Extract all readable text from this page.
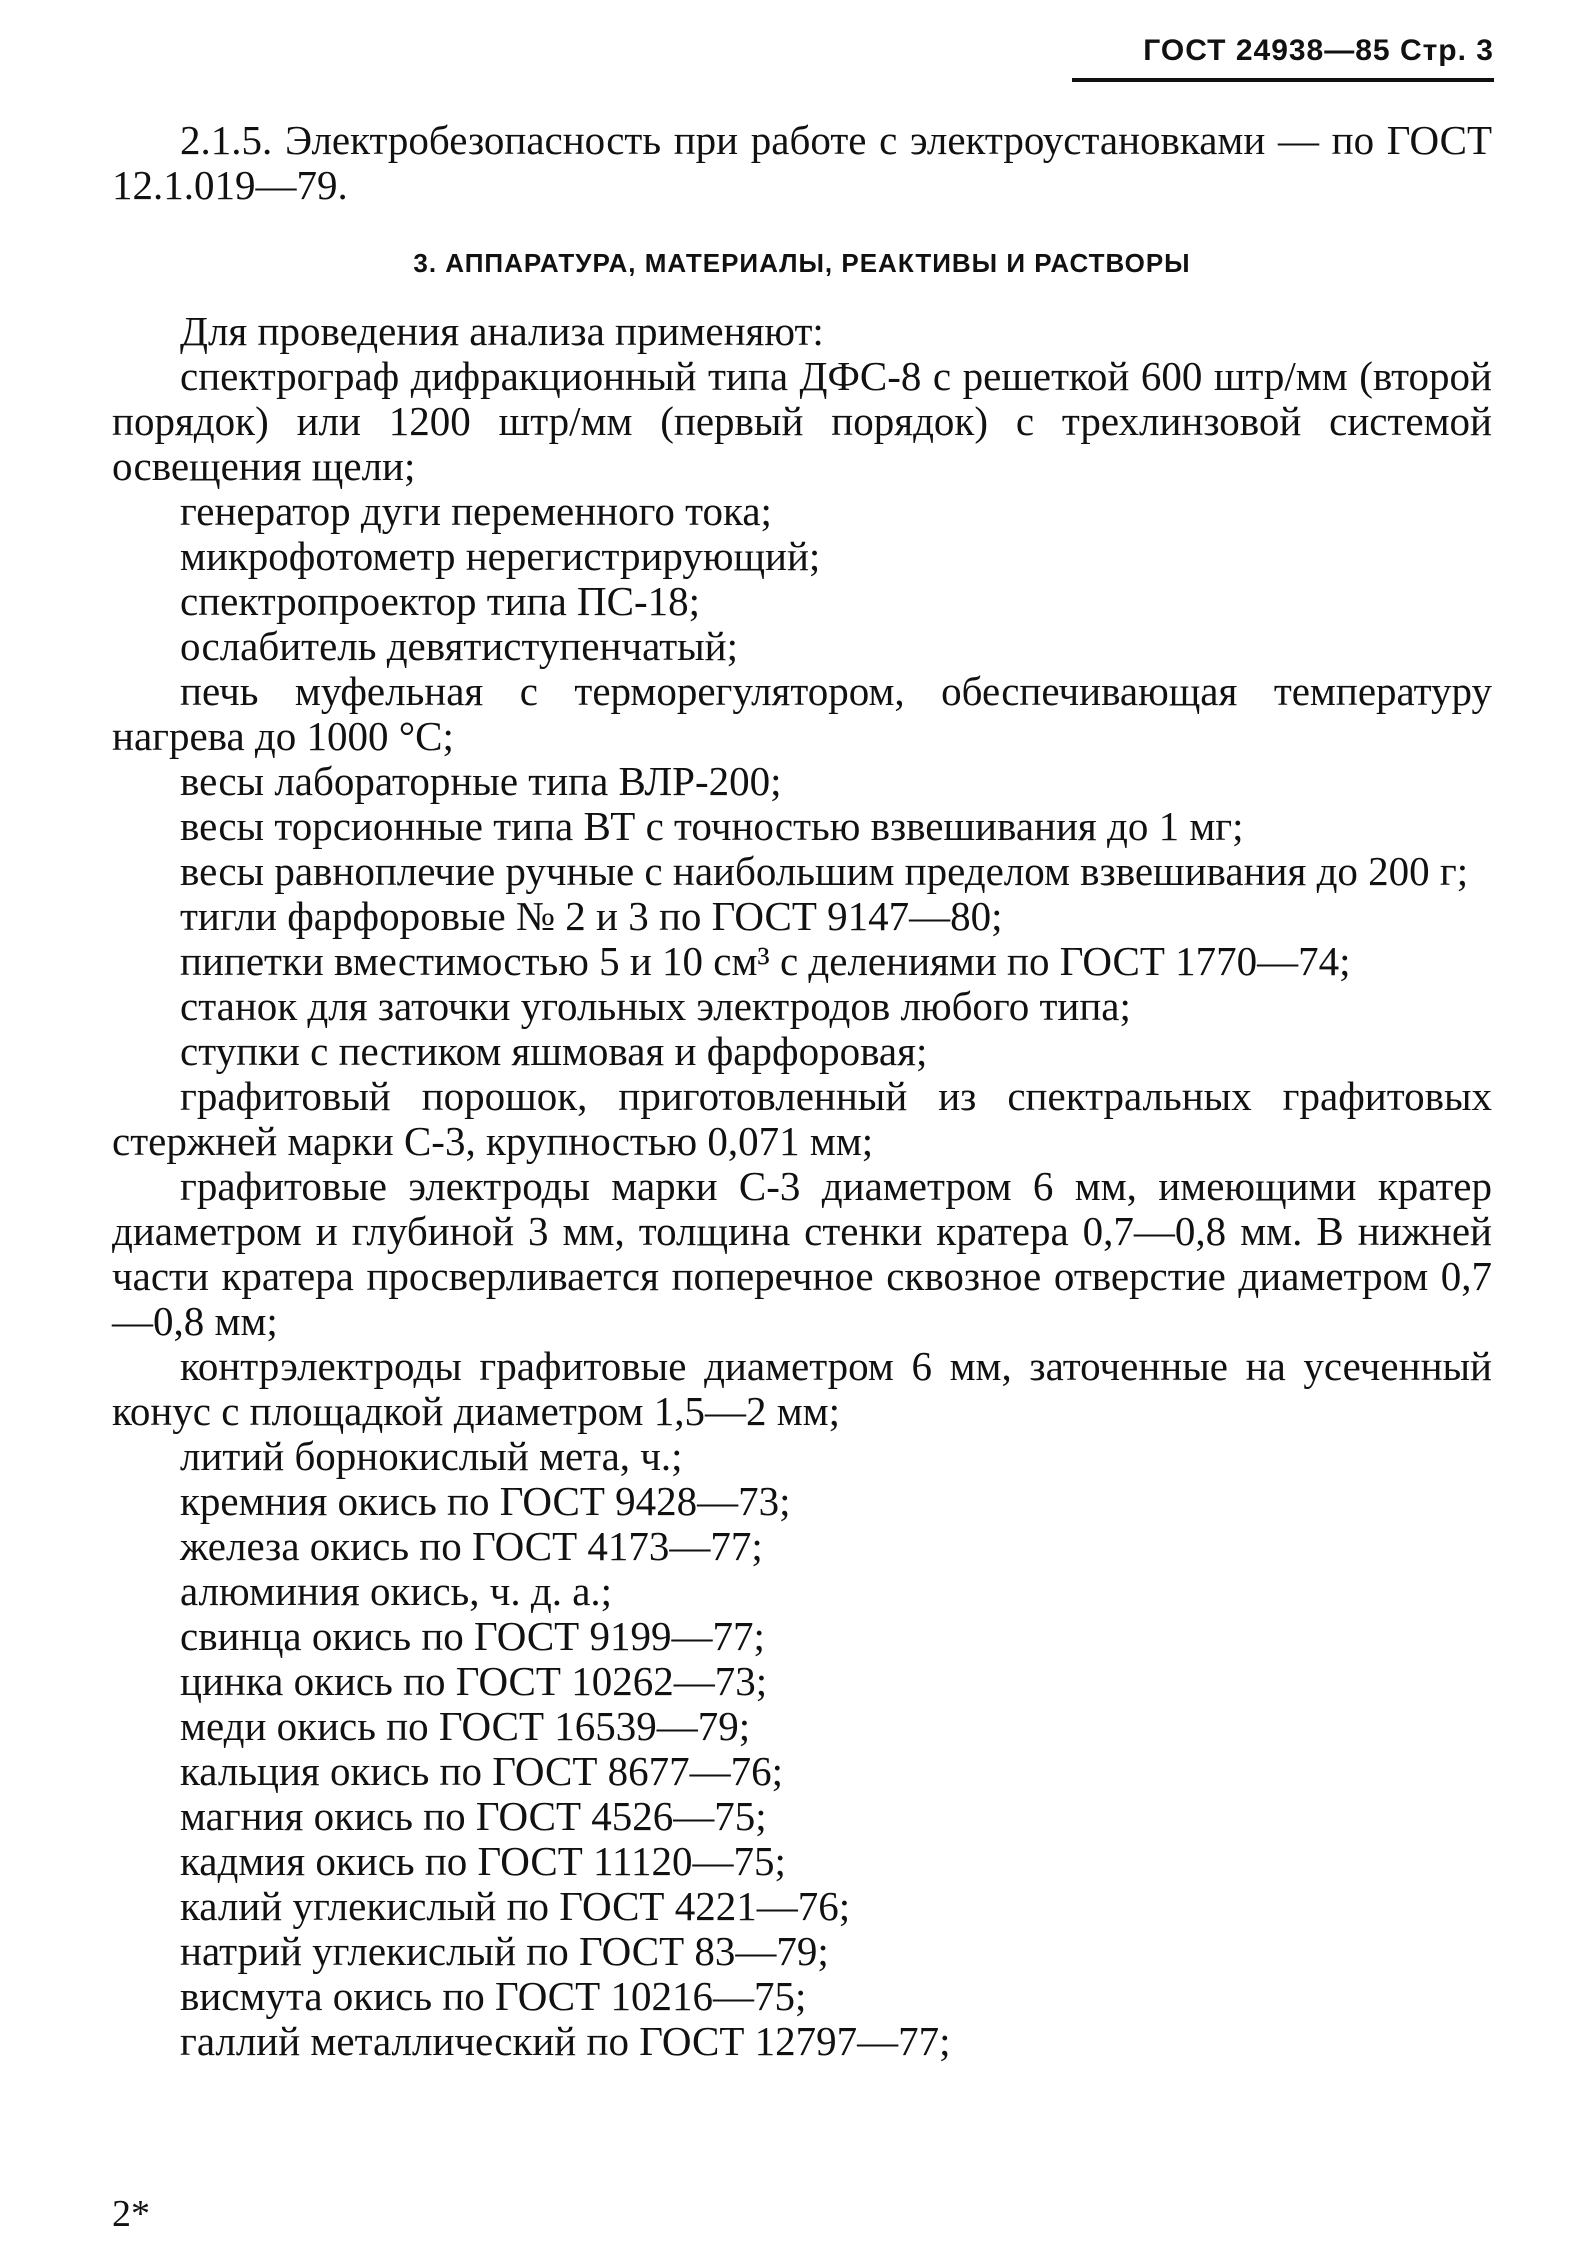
ГОСТ 24938—85 Стр. 3

2.1.5. Электробезопасность при работе с электроустановками — по ГОСТ 12.1.019—79.

3. АППАРАТУРА, МАТЕРИАЛЫ, РЕАКТИВЫ И РАСТВОРЫ

Для проведения анализа применяют:

спектрограф дифракционный типа ДФС-8 с решеткой 600 штр/мм (второй порядок) или 1200 штр/мм (первый порядок) с трехлинзовой системой освещения щели;

генератор дуги переменного тока;

микрофотометр нерегистрирующий;

спектропроектор типа ПС-18;

ослабитель девятиступенчатый;

печь муфельная с терморегулятором, обеспечивающая температуру нагрева до 1000 °С;

весы лабораторные типа ВЛР-200;

весы торсионные типа ВТ с точностью взвешивания до 1 мг;

весы равноплечие ручные с наибольшим пределом взвешивания до 200 г;

тигли фарфоровые № 2 и 3 по ГОСТ 9147—80;

пипетки вместимостью 5 и 10 см³ с делениями по ГОСТ 1770—74;

станок для заточки угольных электродов любого типа;

ступки с пестиком яшмовая и фарфоровая;

графитовый порошок, приготовленный из спектральных графитовых стержней марки С-3, крупностью 0,071 мм;

графитовые электроды марки С-3 диаметром 6 мм, имеющими кратер диаметром и глубиной 3 мм, толщина стенки кратера 0,7—0,8 мм. В нижней части кратера просверливается поперечное сквозное отверстие диаметром 0,7—0,8 мм;

контрэлектроды графитовые диаметром 6 мм, заточенные на усеченный конус с площадкой диаметром 1,5—2 мм;

литий борнокислый мета, ч.;

кремния окись по ГОСТ 9428—73;

железа окись по ГОСТ 4173—77;

алюминия окись, ч. д. а.;

свинца окись по ГОСТ 9199—77;

цинка окись по ГОСТ 10262—73;

меди окись по ГОСТ 16539—79;

кальция окись по ГОСТ 8677—76;

магния окись по ГОСТ 4526—75;

кадмия окись по ГОСТ 11120—75;

калий углекислый по ГОСТ 4221—76;

натрий углекислый по ГОСТ 83—79;

висмута окись по ГОСТ 10216—75;

галлий металлический по ГОСТ 12797—77;

2*
